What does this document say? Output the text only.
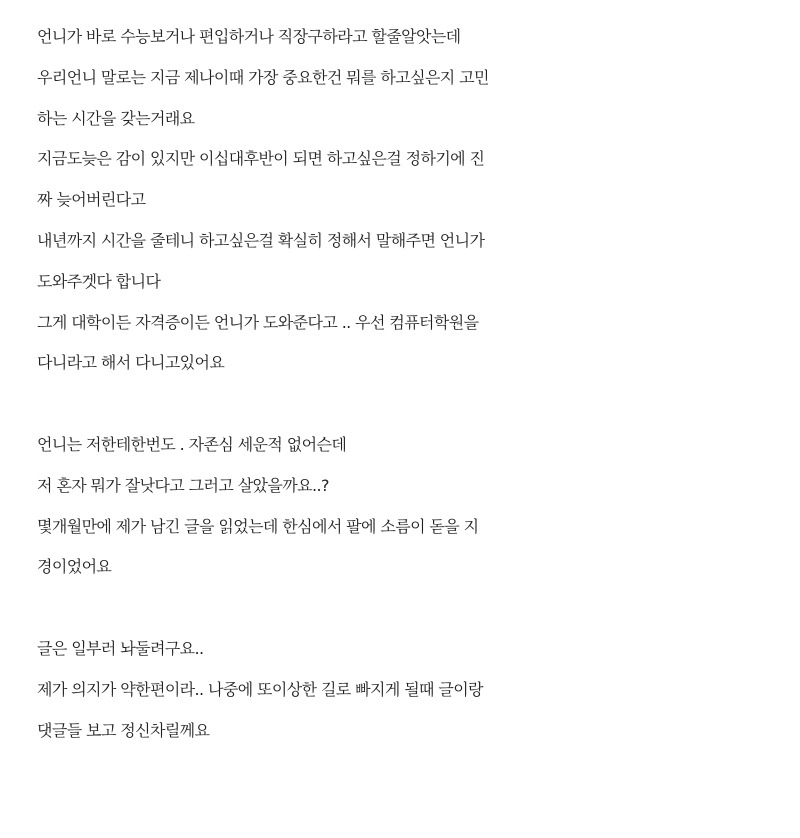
언니가 바로 수능보거나 편입하거나 직장구하라고 할줄알앗는데
우리언니 말로는 지금 제나이때 가장 중요한건 뭐를 하고싶은지 고민
하는 시간을 갖는거래요
지금도늦은 감이 있지만 이십대후반이 되면 하고싶은걸 정하기에 진
짜 늦어버린다고
내년까지 시간을 줄테니 하고싶은걸 확실히 정해서 말해주면 언니가
도와주겟다 합니다
그게 대학이든 자격증이든 언니가 도와준다고 .. 우선 컴퓨터학원을
다니라고 해서 다니고있어요
언니는 저한테한번도 . 자존심 세운적 없어슨데
저 혼자 뭐가 잘낫다고 그러고 살았을까요..?
몇개월만에 제가 남긴 글을 읽었는데 한심에서 팔에 소름이 돋을 지
경이었어요
글은 일부러 놔둘려구요..
제가 의지가 약한편이라.. 나중에 또이상한 길로 빠지게 될때 글이랑
댓글들 보고 정신차릴께요
